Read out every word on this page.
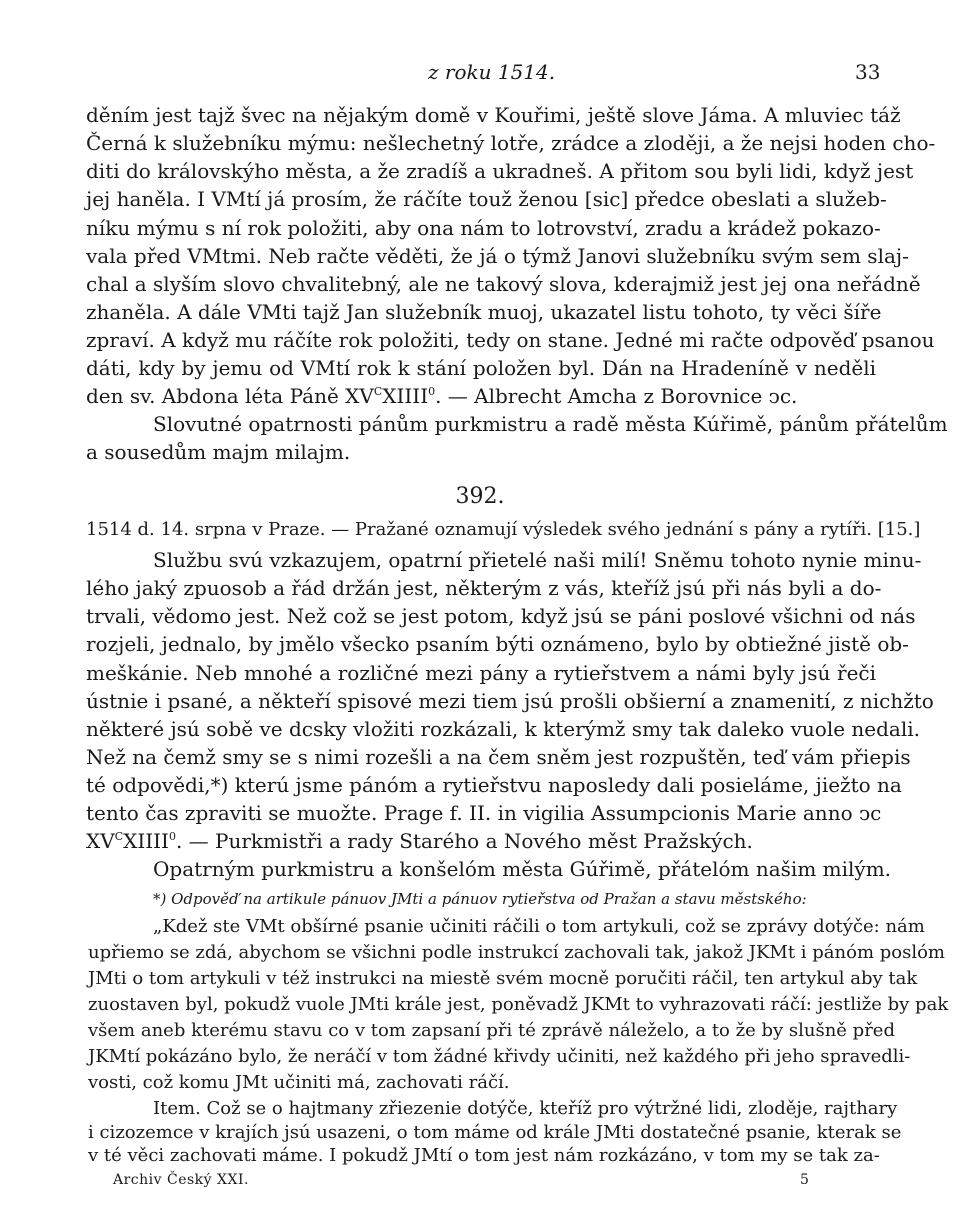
z roku 1514.	33
děním jest tajž švec na nějakým domě v Kouřimi, ještě slove Jáma. A mluviec táž
Černá k služebníku mýmu: nešlechetný lotře, zrádce a zloději, a že nejsi hoden cho-
diti do královskýho města, a že zradíš a ukradneš. A přitom sou byli lidi, když jest
jej haněla. I VMtí já prosím, že ráčíte touž ženou [sic] předce obeslati a služeb-
níku mýmu s ní rok položiti, aby ona nám to lotrovství, zradu a krádež pokazo-
vala před VMtmi. Neb račte věděti, že já o týmž Janovi služebníku svým sem slaj-
chal a slyším slovo chvalitebný, ale ne takový slova, kderajmiž jest jej ona neřádně
zhaněla. A dále VMti tajž Jan služebník muoj, ukazatel listu tohoto, ty věci šíře
zpraví. A když mu ráčíte rok položiti, tedy on stane. Jedné mi račte odpověď psanou
dáti, kdy by jemu od VMtí rok k stání položen byl. Dán na Hradeníně v neděli
den sv. Abdona léta Páně $XV^CXIIII^0$. — Albrecht Amcha z Borovnice ͻc.
Slovutné opatrnosti pánům purkmistru a radě města Kúřimě, pánům přátelům
a sousedům majm milajm.
392.
1514 d. 14. srpna v Praze. — Pražané oznamují výsledek svého jednání s pány a rytíři. [15.]
Službu svú vzkazujem, opatrní přietelé naši milí! Sněmu tohoto nynie minu-
lého jaký zpuosob a řád držán jest, některým z vás, kteříž jsú při nás byli a do-
trvali, vědomo jest. Než což se jest potom, když jsú se páni poslové všichni od nás
rozjeli, jednalo, by jmělo všecko psaním býti oznámeno, bylo by obtiežné jistě ob-
meškánie. Neb mnohé a rozličné mezi pány a rytieřstvem a námi byly jsú řeči
ústnie i psané, a někteří spisové mezi tiem jsú prošli obšierní a znamenití, z nichžto
některé jsú sobě ve dcsky vložiti rozkázali, k kterýmž smy tak daleko vuole nedali.
Než na čemž smy se s nimi rozešli a na čem sněm jest rozpuštěn, teď vám přiepis
té odpovědi,*) kterú jsme pánóm a rytieřstvu naposledy dali posieláme, jiežto na
tento čas zpraviti se muožte. Prage f. II. in vigilia Assumpcionis Marie anno ͻc
$XV^CXIIII^0$. — Purkmistři a rady Starého a Nového měst Pražských.
Opatrným purkmistru a konšelóm města Gúřimě, přátelóm našim milým.
*) Odpověď na artikule pánuov JMti a pánuov rytieřstva od Pražan a stavu městského:
„Kdež ste VMt obšírné psanie učiniti ráčili o tom artykuli, což se zprávy dotýče: nám
upřiemo se zdá, abychom se všichni podle instrukcí zachovali tak, jakož JKMt i pánóm poslóm
JMti o tom artykuli v též instrukci na miestě svém mocně poručiti ráčil, ten artykul aby tak
zuostaven byl, pokudž vuole JMti krále jest, poněvadž JKMt to vyhrazovati ráčí: jestliže by pak
všem aneb kterému stavu co v tom zapsaní při té zprávě náleželo, a to že by slušně před
JKMtí pokázáno bylo, že neráčí v tom žádné křivdy učiniti, než každého při jeho spravedli-
vosti, což komu JMt učiniti má, zachovati ráčí.
Item. Což se o hajtmany zřiezenie dotýče, kteříž pro výtržné lidi, zloděje, rajthary
i cizozemce v krajích jsú usazeni, o tom máme od krále JMti dostatečné psanie, kterak se
v té věci zachovati máme. I pokudž JMtí o tom jest nám rozkázáno, v tom my se tak za-
Archiv Český XXI.	5
